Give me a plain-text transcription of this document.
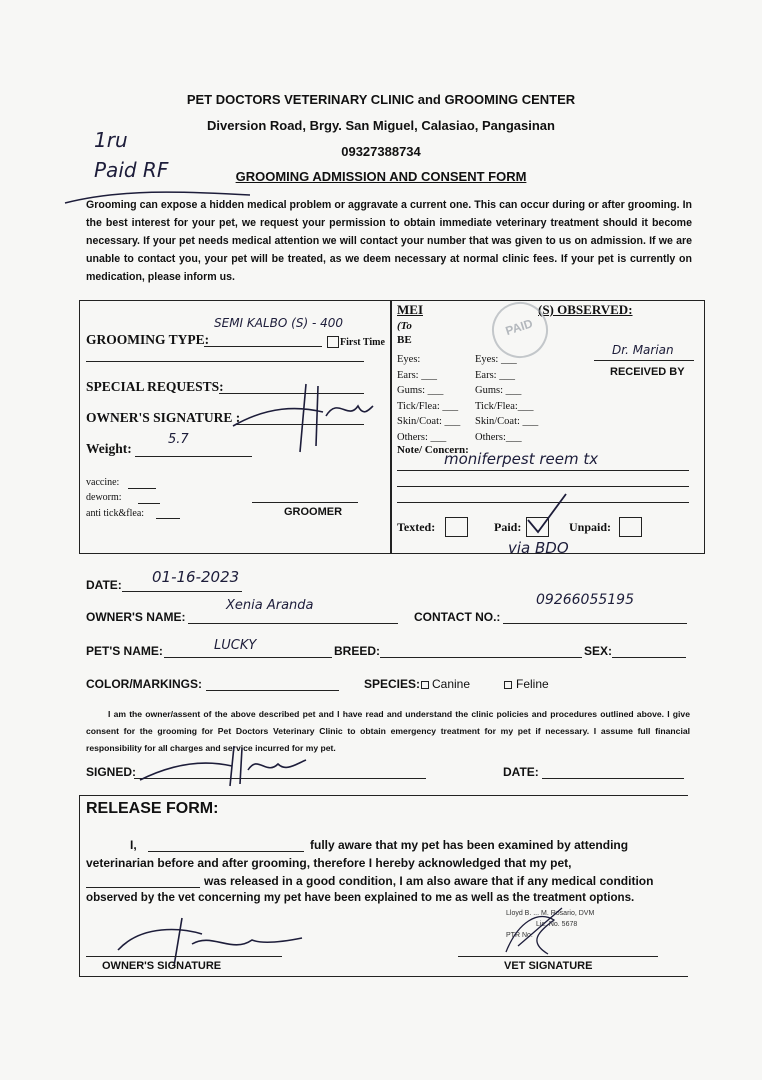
PET DOCTORS VETERINARY CLINIC and GROOMING CENTER
Diversion Road, Brgy. San Miguel, Calasiao, Pangasinan
09327388734
GROOMING ADMISSION AND CONSENT FORM
1ru
Paid RF
Grooming can expose a hidden medical problem or aggravate a current one. This can occur during or after grooming. In the best interest for your pet, we request your permission to obtain immediate veterinary treatment should it become necessary. If your pet needs medical attention we will contact your number that was given to us on admission. If we are unable to contact you, your pet will be treated, as we deem necessary at normal clinic fees. If your pet is currently on medication, please inform us.
GROOMING TYPE:
SEMI KALBO (S) - 400
First Time
SPECIAL REQUESTS:
OWNER'S SIGNATURE :
Weight:
5.7
vaccine:
deworm:
anti tick&flea:	GROOMER
MEI	(S) OBSERVED:
(To
BE
PAID
Dr. Marian
RECEIVED BY
Eyes:
Ears: ___
Gums: ___
Tick/Flea: ___
Skin/Coat: ___
Others: ___
Eyes: ___
Ears: ___
Gums: ___
Tick/Flea:___
Skin/Coat: ___
Others:___
Note/ Concern:
moniferpest reem tx
Texted:	Paid:	Unpaid:
via BDO
DATE: 01-16-2023
OWNER'S NAME:
Xenia Aranda
CONTACT NO.:
09266055195
PET'S NAME:	LUCKY	BREED:	SEX:
COLOR/MARKINGS:	SPECIES: Canine	Feline
I am the owner/assent of the above described pet and I have read and understand the clinic policies and procedures outlined above. I give consent for the grooming for Pet Doctors Veterinary Clinic to obtain emergency treatment for my pet if necessary. I assume full financial responsibility for all charges and service incurred for my pet.
SIGNED:	DATE:
RELEASE FORM:
I,	fully aware that my pet has been examined by attending
veterinarian before and after grooming, therefore I hereby acknowledged that my pet,
was released in a good condition, I am also aware that if any medical condition
observed by the vet concerning my pet have been explained to me as well as the treatment options.
Lloyd B. ... M. Rosario, DVM
Lic. No. 5678
PTR No.
OWNER'S SIGNATURE	VET SIGNATURE
